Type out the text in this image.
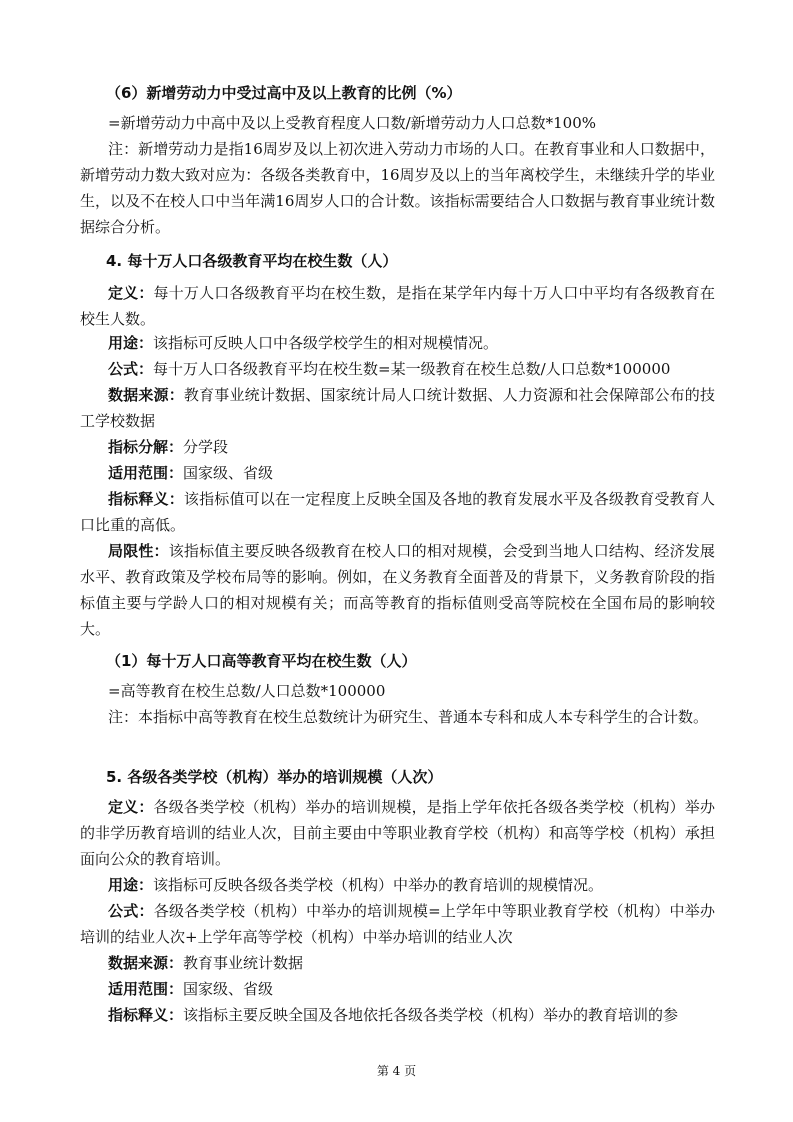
（6）新增劳动力中受过高中及以上教育的比例（%）
=新增劳动力中高中及以上受教育程度人口数/新增劳动力人口总数*100%
注：新增劳动力是指16周岁及以上初次进入劳动力市场的人口。在教育事业和人口数据中，新增劳动力数大致对应为：各级各类教育中，16周岁及以上的当年离校学生，未继续升学的毕业生，以及不在校人口中当年满16周岁人口的合计数。该指标需要结合人口数据与教育事业统计数据综合分析。
4. 每十万人口各级教育平均在校生数（人）
定义：每十万人口各级教育平均在校生数，是指在某学年内每十万人口中平均有各级教育在校生人数。
用途：该指标可反映人口中各级学校学生的相对规模情况。
公式：每十万人口各级教育平均在校生数=某一级教育在校生总数/人口总数*100000
数据来源：教育事业统计数据、国家统计局人口统计数据、人力资源和社会保障部公布的技工学校数据
指标分解：分学段
适用范围：国家级、省级
指标释义：该指标值可以在一定程度上反映全国及各地的教育发展水平及各级教育受教育人口比重的高低。
局限性：该指标值主要反映各级教育在校人口的相对规模，会受到当地人口结构、经济发展水平、教育政策及学校布局等的影响。例如，在义务教育全面普及的背景下，义务教育阶段的指标值主要与学龄人口的相对规模有关；而高等教育的指标值则受高等院校在全国布局的影响较大。
（1）每十万人口高等教育平均在校生数（人）
=高等教育在校生总数/人口总数*100000
注：本指标中高等教育在校生总数统计为研究生、普通本专科和成人本专科学生的合计数。
5. 各级各类学校（机构）举办的培训规模（人次）
定义：各级各类学校（机构）举办的培训规模，是指上学年依托各级各类学校（机构）举办的非学历教育培训的结业人次，目前主要由中等职业教育学校（机构）和高等学校（机构）承担面向公众的教育培训。
用途：该指标可反映各级各类学校（机构）中举办的教育培训的规模情况。
公式：各级各类学校（机构）中举办的培训规模=上学年中等职业教育学校（机构）中举办培训的结业人次+上学年高等学校（机构）中举办培训的结业人次
数据来源：教育事业统计数据
适用范围：国家级、省级
指标释义：该指标主要反映全国及各地依托各级各类学校（机构）举办的教育培训的参
第 4 页
